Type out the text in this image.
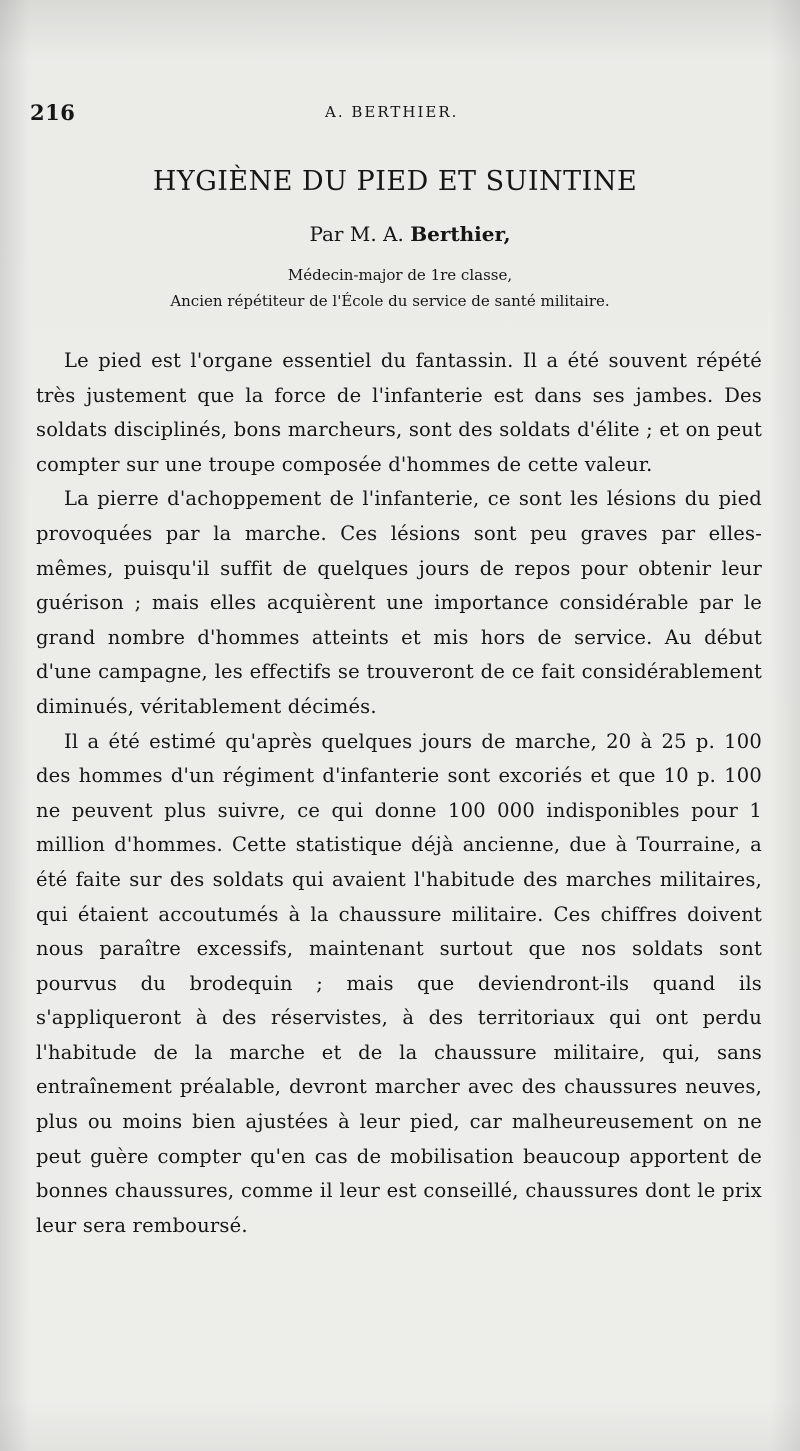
216	A. BERTHIER.
HYGIÈNE DU PIED ET SUINTINE
Par M. A. Berthier,
Médecin-major de 1re classe,
Ancien répétiteur de l'École du service de santé militaire.

Le pied est l'organe essentiel du fantassin. Il a été souvent répété très justement que la force de l'infanterie est dans ses jambes. Des soldats disciplinés, bons marcheurs, sont des soldats d'élite ; et on peut compter sur une troupe composée d'hommes de cette valeur.

La pierre d'achoppement de l'infanterie, ce sont les lésions du pied provoquées par la marche. Ces lésions sont peu graves par elles-mêmes, puisqu'il suffit de quelques jours de repos pour obtenir leur guérison ; mais elles acquièrent une importance considérable par le grand nombre d'hommes atteints et mis hors de service. Au début d'une campagne, les effectifs se trouveront de ce fait considérablement diminués, véritablement décimés.

Il a été estimé qu'après quelques jours de marche, 20 à 25 p. 100 des hommes d'un régiment d'infanterie sont excoriés et que 10 p. 100 ne peuvent plus suivre, ce qui donne 100 000 indisponibles pour 1 million d'hommes. Cette statistique déjà ancienne, due à Tourraine, a été faite sur des soldats qui avaient l'habitude des marches militaires, qui étaient accoutumés à la chaussure militaire. Ces chiffres doivent nous paraître excessifs, maintenant surtout que nos soldats sont pourvus du brodequin ; mais que deviendront-ils quand ils s'appliqueront à des réservistes, à des territoriaux qui ont perdu l'habitude de la marche et de la chaussure militaire, qui, sans entraînement préalable, devront marcher avec des chaussures neuves, plus ou moins bien ajustées à leur pied, car malheureusement on ne peut guère compter qu'en cas de mobilisation beaucoup apportent de bonnes chaussures, comme il leur est conseillé, chaussures dont le prix leur sera remboursé.
